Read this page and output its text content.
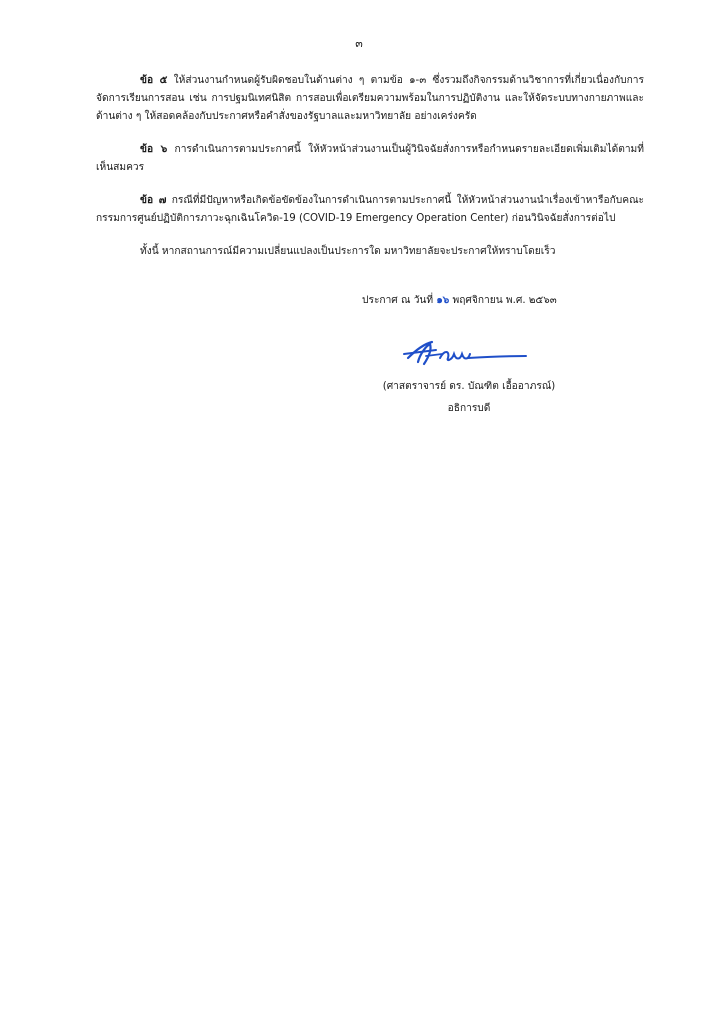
๓

ข้อ ๕ ให้ส่วนงานกำหนดผู้รับผิดชอบในด้านต่าง ๆ ตามข้อ ๑-๓ ซึ่งรวมถึงกิจกรรมด้านวิชาการที่เกี่ยวเนื่องกับการจัดการเรียนการสอน เช่น การปฐมนิเทศนิสิต การสอบเพื่อเตรียมความพร้อมในการปฏิบัติงาน และให้จัดระบบทางกายภาพและด้านต่าง ๆ ให้สอดคล้องกับประกาศหรือคำสั่งของรัฐบาลและมหาวิทยาลัย อย่างเคร่งครัด

ข้อ ๖ การดำเนินการตามประกาศนี้ ให้หัวหน้าส่วนงานเป็นผู้วินิจฉัยสั่งการหรือกำหนดรายละเอียดเพิ่มเติมได้ตามที่เห็นสมควร

ข้อ ๗ กรณีที่มีปัญหาหรือเกิดข้อขัดข้องในการดำเนินการตามประกาศนี้ ให้หัวหน้าส่วนงานนำเรื่องเข้าหารือกับคณะกรรมการศูนย์ปฏิบัติการภาวะฉุกเฉินโควิด-19 (COVID-19 Emergency Operation Center) ก่อนวินิจฉัยสั่งการต่อไป

ทั้งนี้ หากสถานการณ์มีความเปลี่ยนแปลงเป็นประการใด มหาวิทยาลัยจะประกาศให้ทราบโดยเร็ว

ประกาศ ณ วันที่ ๑๖ พฤศจิกายน พ.ศ. ๒๕๖๓
(ศาสตราจารย์ ดร. บัณฑิต เอื้ออาภรณ์)
อธิการบดี
